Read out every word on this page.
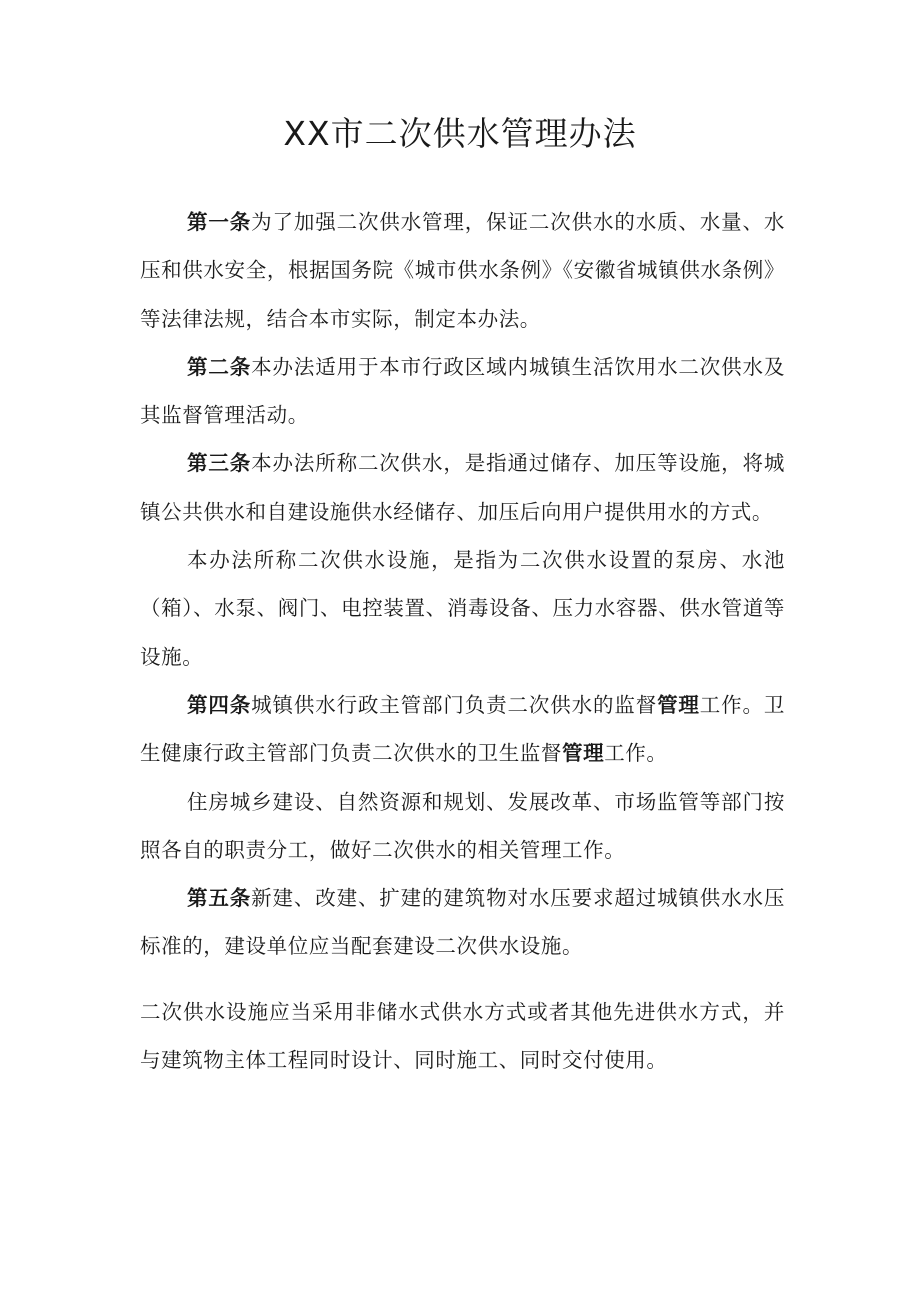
XX市二次供水管理办法

第一条为了加强二次供水管理，保证二次供水的水质、水量、水压和供水安全，根据国务院《城市供水条例》《安徽省城镇供水条例》等法律法规，结合本市实际，制定本办法。

第二条本办法适用于本市行政区域内城镇生活饮用水二次供水及其监督管理活动。

第三条本办法所称二次供水，是指通过储存、加压等设施，将城镇公共供水和自建设施供水经储存、加压后向用户提供用水的方式。

本办法所称二次供水设施，是指为二次供水设置的泵房、水池（箱）、水泵、阀门、电控装置、消毒设备、压力水容器、供水管道等设施。

第四条城镇供水行政主管部门负责二次供水的监督管理工作。卫生健康行政主管部门负责二次供水的卫生监督管理工作。

住房城乡建设、自然资源和规划、发展改革、市场监管等部门按照各自的职责分工，做好二次供水的相关管理工作。

第五条新建、改建、扩建的建筑物对水压要求超过城镇供水水压标准的，建设单位应当配套建设二次供水设施。

二次供水设施应当采用非储水式供水方式或者其他先进供水方式，并与建筑物主体工程同时设计、同时施工、同时交付使用。
